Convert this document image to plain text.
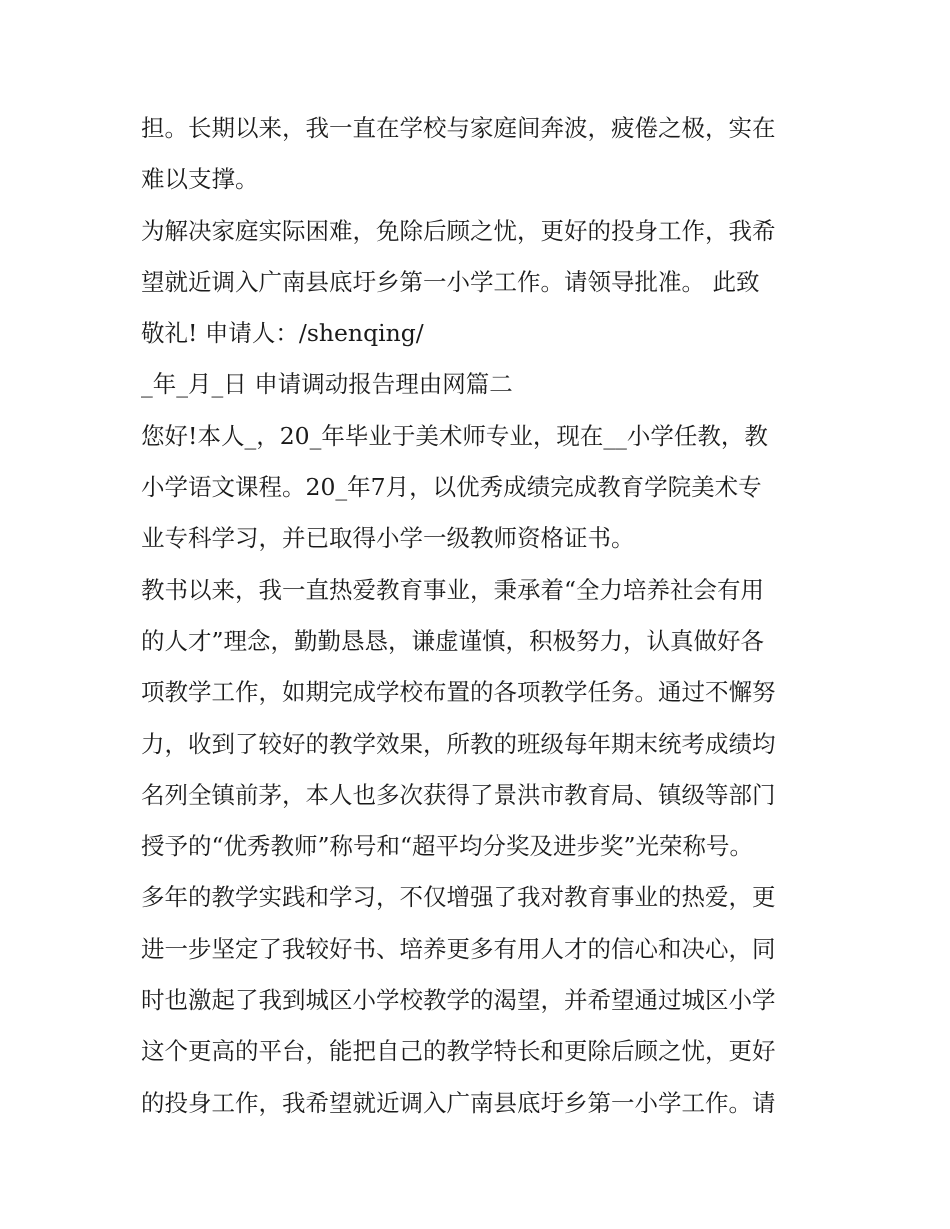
担。长期以来，我一直在学校与家庭间奔波，疲倦之极，实在
难以支撑。
为解决家庭实际困难，免除后顾之忧，更好的投身工作，我希
望就近调入广南县底圩乡第一小学工作。请领导批准。 此致
敬礼! 申请人：/shenqing/
_年_月_日 申请调动报告理由网篇二
您好!本人_，20_年毕业于美术师专业，现在__小学任教，教
小学语文课程。20_年7月，以优秀成绩完成教育学院美术专
业专科学习，并已取得小学一级教师资格证书。
教书以来，我一直热爱教育事业，秉承着“全力培养社会有用
的人才”理念，勤勤恳恳，谦虚谨慎，积极努力，认真做好各
项教学工作，如期完成学校布置的各项教学任务。通过不懈努
力，收到了较好的教学效果，所教的班级每年期末统考成绩均
名列全镇前茅，本人也多次获得了景洪市教育局、镇级等部门
授予的“优秀教师”称号和“超平均分奖及进步奖”光荣称号。
多年的教学实践和学习，不仅增强了我对教育事业的热爱，更
进一步坚定了我较好书、培养更多有用人才的信心和决心，同
时也激起了我到城区小学校教学的渴望，并希望通过城区小学
这个更高的平台，能把自己的教学特长和更除后顾之忧，更好
的投身工作，我希望就近调入广南县底圩乡第一小学工作。请
